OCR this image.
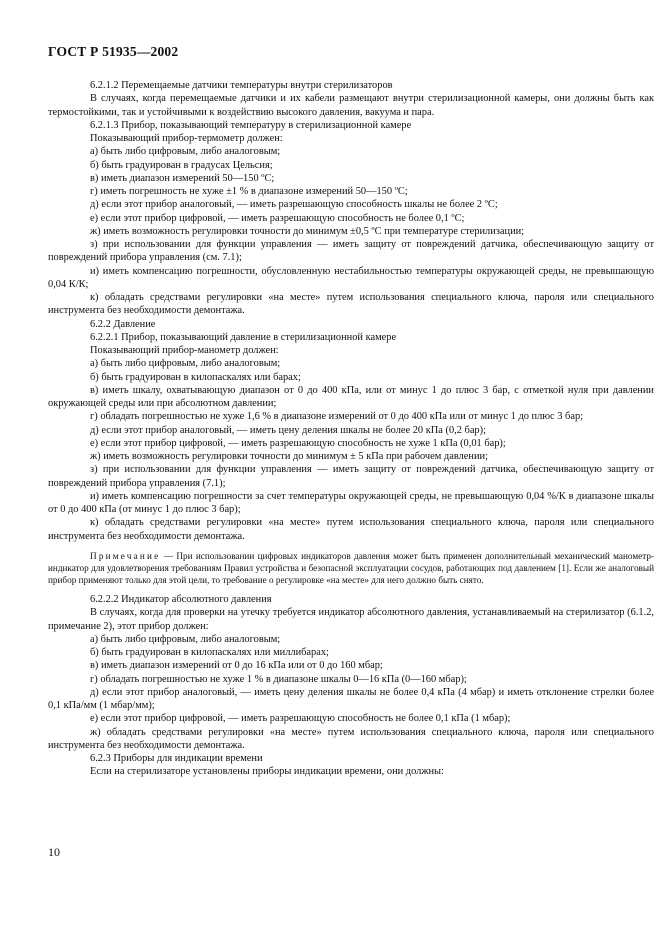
ГОСТ Р 51935—2002

6.2.1.2 Перемещаемые датчики температуры внутри стерилизаторов

В случаях, когда перемещаемые датчики и их кабели размещают внутри стерилизационной камеры, они должны быть как термостойкими, так и устойчивыми к воздействию высокого давления, вакуума и пара.

6.2.1.3 Прибор, показывающий температуру в стерилизационной камере

Показывающий прибор-термометр должен:

а) быть либо цифровым, либо аналоговым;

б) быть градуирован в градусах Цельсия;

в) иметь диапазон измерений 50—150 ºС;

г) иметь погрешность не хуже ±1 % в диапазоне измерений 50—150 ºС;

д) если этот прибор аналоговый, — иметь разрешающую способность шкалы не более 2 ºС;

е) если этот прибор цифровой, — иметь разрешающую способность не более 0,1 ºС;

ж) иметь возможность регулировки точности до минимум ±0,5 ºС при температуре стерилизации;

з) при использовании для функции управления — иметь защиту от повреждений датчика, обеспечивающую защиту от повреждений прибора управления (см. 7.1);

и) иметь компенсацию погрешности, обусловленную нестабильностью температуры окружающей среды, не превышающую 0,04 К/К;

к) обладать средствами регулировки «на месте» путем использования специального ключа, пароля или специального инструмента без необходимости демонтажа.

6.2.2 Давление

6.2.2.1 Прибор, показывающий давление в стерилизационной камере

Показывающий прибор-манометр должен:

а) быть либо цифровым, либо аналоговым;

б) быть градуирован в килопаскалях или барах;

в) иметь шкалу, охватывающую диапазон от 0 до 400 кПа, или от минус 1 до плюс 3 бар, с отметкой нуля при давлении окружающей среды или при абсолютном давлении;

г) обладать погрешностью не хуже 1,6 % в диапазоне измерений от 0 до 400 кПа или от минус 1 до плюс 3 бар;

д) если этот прибор аналоговый, — иметь цену деления шкалы не более 20 кПа (0,2 бар);

е) если этот прибор цифровой, — иметь разрешающую способность не хуже 1 кПа (0,01 бар);

ж) иметь возможность регулировки точности до минимум ± 5 кПа при рабочем давлении;

з) при использовании для функции управления — иметь защиту от повреждений датчика, обеспечивающую защиту от повреждений прибора управления (7.1);

и) иметь компенсацию погрешности за счет температуры окружающей среды, не превышающую 0,04 %/К в диапазоне шкалы от 0 до 400 кПа (от минус 1 до плюс 3 бар);

к) обладать средствами регулировки «на месте» путем использования специального ключа, пароля или специального инструмента без необходимости демонтажа.

Примечание — При использовании цифровых индикаторов давления может быть применен дополнительный механический манометр-индикатор для удовлетворения требованиям Правил устройства и безопасной эксплуатации сосудов, работающих под давлением [1]. Если же аналоговый прибор применяют только для этой цели, то требование о регулировке «на месте» для него должно быть снято.

6.2.2.2 Индикатор абсолютного давления

В случаях, когда для проверки на утечку требуется индикатор абсолютного давления, устанавливаемый на стерилизатор (6.1.2, примечание 2), этот прибор должен:

а) быть либо цифровым, либо аналоговым;

б) быть градуирован в килопаскалях или миллибарах;

в) иметь диапазон измерений от 0 до 16 кПа или от 0 до 160 мбар;

г) обладать погрешностью не хуже 1 % в диапазоне шкалы 0—16 кПа (0—160 мбар);

д) если этот прибор аналоговый, — иметь цену деления шкалы не более 0,4 кПа (4 мбар) и иметь отклонение стрелки более 0,1 кПа/мм (1 мбар/мм);

е) если этот прибор цифровой, — иметь разрешающую способность не более 0,1 кПа (1 мбар);

ж) обладать средствами регулировки «на месте» путем использования специального ключа, пароля или специального инструмента без необходимости демонтажа.

6.2.3 Приборы для индикации времени

Если на стерилизаторе установлены приборы индикации времени, они должны:

10
